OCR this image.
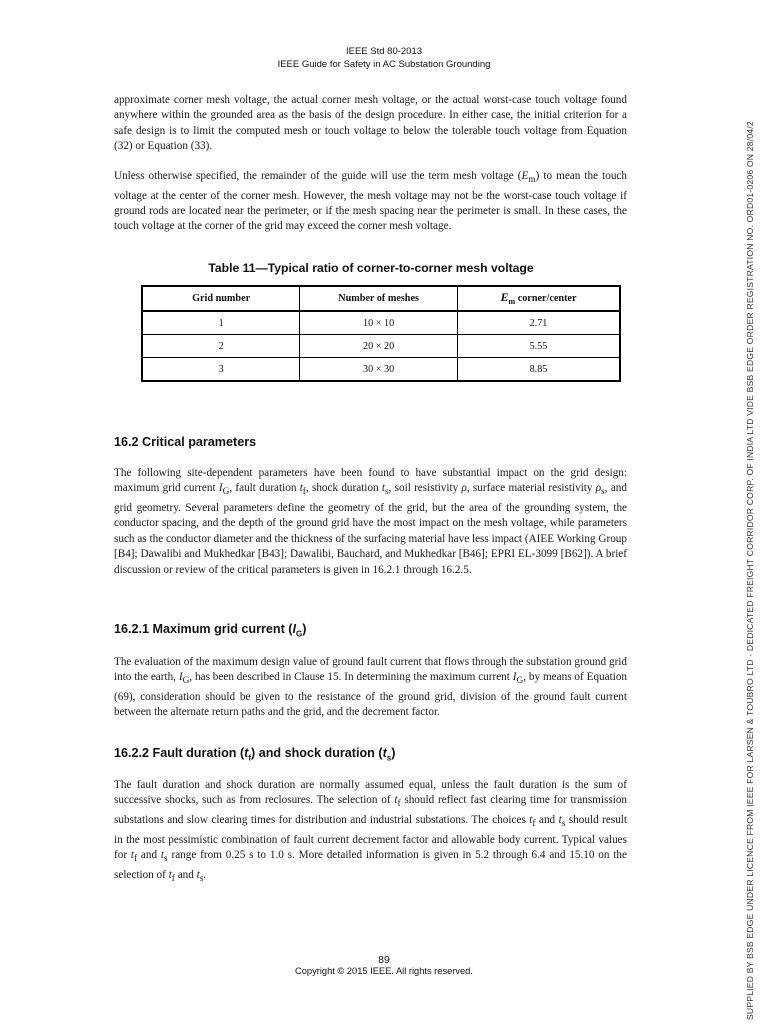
IEEE Std 80-2013
IEEE Guide for Safety in AC Substation Grounding
approximate corner mesh voltage, the actual corner mesh voltage, or the actual worst-case touch voltage found anywhere within the grounded area as the basis of the design procedure. In either case, the initial criterion for a safe design is to limit the computed mesh or touch voltage to below the tolerable touch voltage from Equation (32) or Equation (33).
Unless otherwise specified, the remainder of the guide will use the term mesh voltage $(E_m)$ to mean the touch voltage at the center of the corner mesh. However, the mesh voltage may not be the worst-case touch voltage if ground rods are located near the perimeter, or if the mesh spacing near the perimeter is small. In these cases, the touch voltage at the corner of the grid may exceed the corner mesh voltage.
Table 11—Typical ratio of corner-to-corner mesh voltage
Grid number	Number of meshes	$E_m$ corner/center
1	10 × 10	2.71
2	20 × 20	5.55
3	30 × 30	8.85
16.2 Critical parameters
The following site-dependent parameters have been found to have substantial impact on the grid design: maximum grid current $I_G$, fault duration $t_f$, shock duration $t_s$, soil resistivity ρ, surface material resistivity $\rho_s$, and grid geometry. Several parameters define the geometry of the grid, but the area of the grounding system, the conductor spacing, and the depth of the ground grid have the most impact on the mesh voltage, while parameters such as the conductor diameter and the thickness of the surfacing material have less impact (AIEE Working Group [B4]; Dawalibi and Mukhedkar [B43]; Dawalibi, Bauchard, and Mukhedkar [B46]; EPRI EL-3099 [B62]). A brief discussion or review of the critical parameters is given in 16.2.1 through 16.2.5.
16.2.1 Maximum grid current $(I_G)$
The evaluation of the maximum design value of ground fault current that flows through the substation ground grid into the earth, $I_G$, has been described in Clause 15. In determining the maximum current $I_G$, by means of Equation (69), consideration should be given to the resistance of the ground grid, division of the ground fault current between the alternate return paths and the grid, and the decrement factor.
16.2.2 Fault duration $(t_f)$ and shock duration $(t_s)$
The fault duration and shock duration are normally assumed equal, unless the fault duration is the sum of successive shocks, such as from reclosures. The selection of $t_f$ should reflect fast clearing time for transmission substations and slow clearing times for distribution and industrial substations. The choices $t_f$ and $t_s$ should result in the most pessimistic combination of fault current decrement factor and allowable body current. Typical values for $t_f$ and $t_s$ range from 0.25 s to 1.0 s. More detailed information is given in 5.2 through 6.4 and 15.10 on the selection of $t_f$ and $t_s$.
89
Copyright © 2015 IEEE. All rights reserved.	SUPPLIED BY BSB EDGE UNDER LICENCE FROM IEEE FOR LARSEN & TOUBRO LTD - DEDICATED FREIGHT CORRIDOR CORP. OF INDIA LTD VIDE BSB EDGE ORDER REGISTRATION NO. ORD01-0206 ON 28/04/2
